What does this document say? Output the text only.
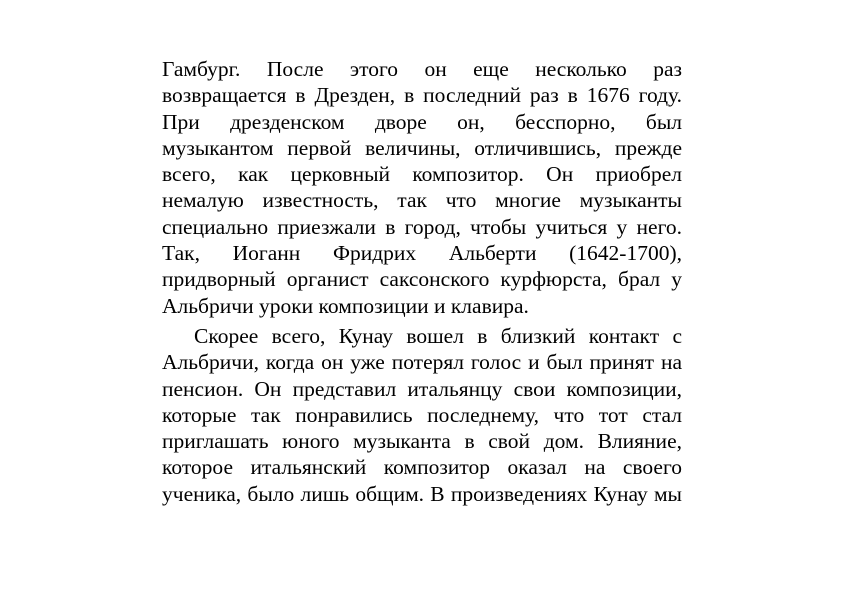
Гамбург. После этого он еще несколько раз
возвращается в Дрезден, в последний раз в 1676 году.
При дрезденском дворе он, бесспорно, был
музыкантом первой величины, отличившись, прежде
всего, как церковный композитор. Он приобрел
немалую известность, так что многие музыканты
специально приезжали в город, чтобы учиться у него.
Так, Иоганн Фридрих Альберти (1642-1700),
придворный органист саксонского курфюрста, брал у
Альбричи уроки композиции и клавира.
Скорее всего, Кунау вошел в близкий контакт с
Альбричи, когда он уже потерял голос и был принят на
пенсион. Он представил итальянцу свои композиции,
которые так понравились последнему, что тот стал
приглашать юного музыканта в свой дом. Влияние,
которое итальянский композитор оказал на своего
ученика, было лишь общим. В произведениях Кунау мы
